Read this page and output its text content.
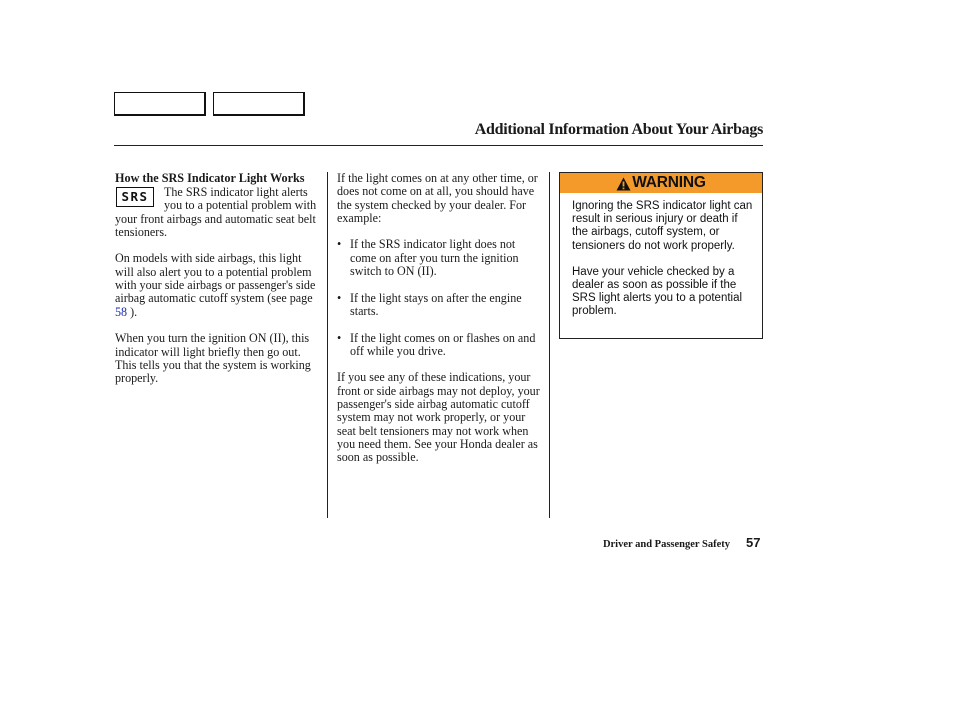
Additional Information About Your Airbags

How the SRS Indicator Light Works

SRS	The SRS indicator light alerts you to a potential problem with your front airbags and automatic seat belt tensioners.

On models with side airbags, this light will also alert you to a potential problem with your side airbags or passenger's side airbag automatic cutoff system (see page 58 ).

When you turn the ignition ON (II), this indicator will light briefly then go out. This tells you that the system is working properly.

If the light comes on at any other time, or does not come on at all, you should have the system checked by your dealer. For example:

• If the SRS indicator light does not come on after you turn the ignition switch to ON (II).

• If the light stays on after the engine starts.

• If the light comes on or flashes on and off while you drive.

If you see any of these indications, your front or side airbags may not deploy, your passenger's side airbag automatic cutoff system may not work properly, or your seat belt tensioners may not work when you need them. See your Honda dealer as soon as possible.

WARNING

Ignoring the SRS indicator light can result in serious injury or death if the airbags, cutoff system, or tensioners do not work properly.

Have your vehicle checked by a dealer as soon as possible if the SRS light alerts you to a potential problem.

Driver and Passenger Safety 57
